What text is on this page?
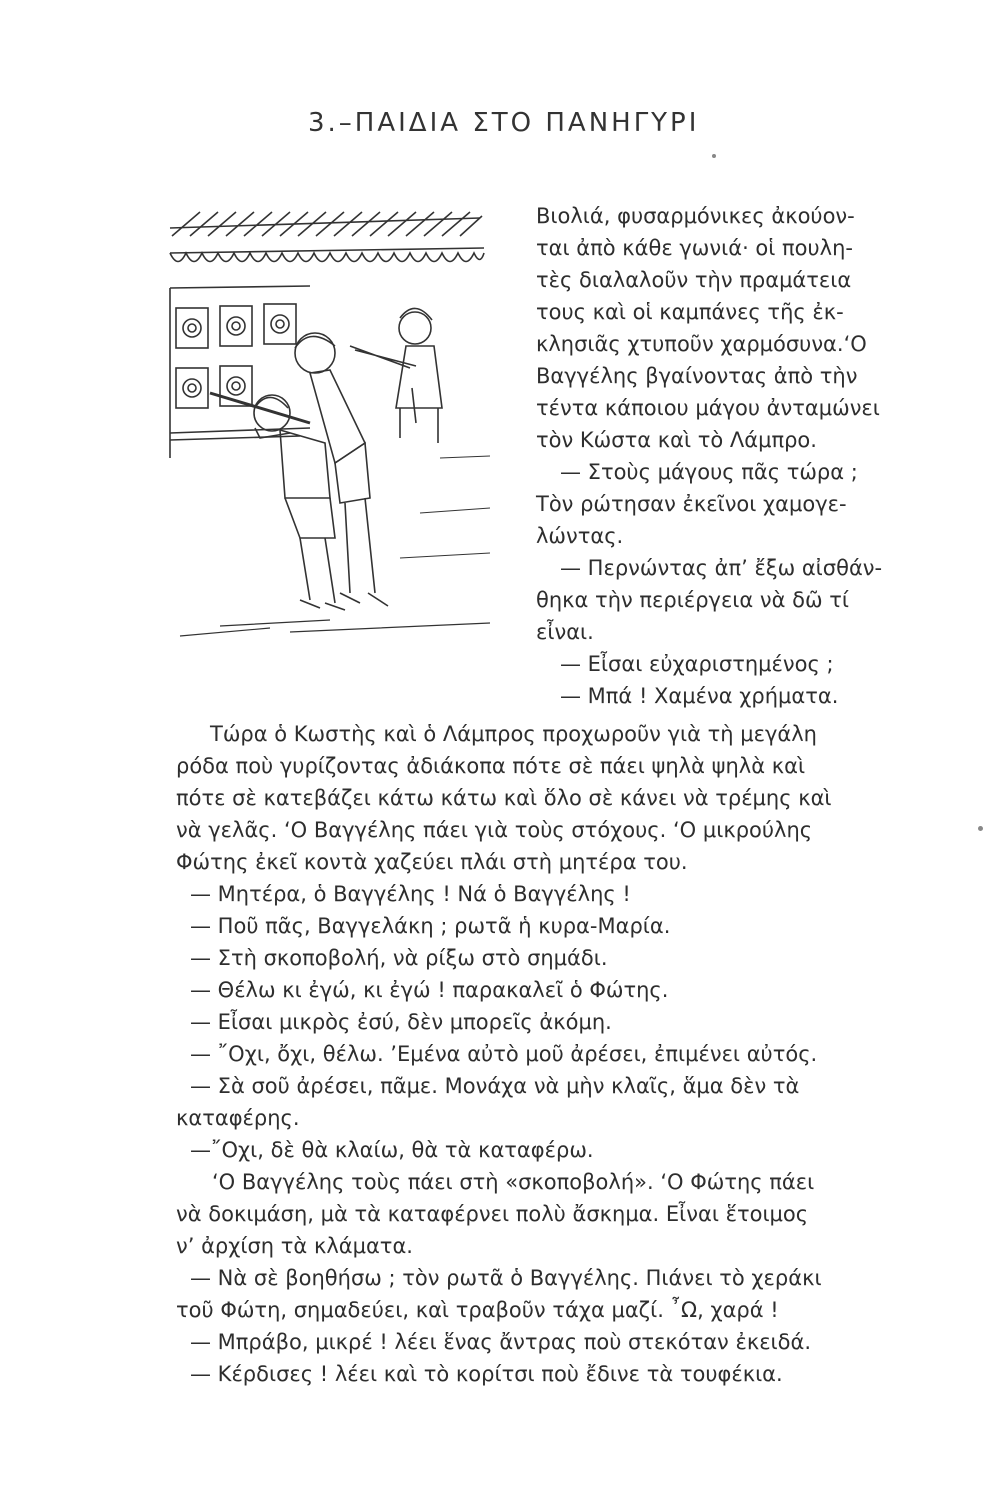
3.–ΠΑΙΔΙΑ ΣΤΟ ΠΑΝΗΓΥΡΙ
Βιολιά, φυσαρμόνικες ἀκούον-
ται ἀπὸ κάθε γωνιά· οἱ πουλη-
τὲς διαλαλοῦν τὴν πραμάτεια
τους καὶ οἱ καμπάνες τῆς ἐκ-
κλησιᾶς χτυποῦν χαρμόσυνα.‘Ο
Βαγγέλης βγαίνοντας ἀπὸ τὴν
τέντα κάποιου μάγου ἀνταμώνει
τὸν Κώστα καὶ τὸ Λάμπρο.
— Στοὺς μάγους πᾶς τώρα ;
Τὸν ρώτησαν ἐκεῖνοι χαμογε-
λώντας.
— Περνώντας ἀπ’ ἔξω αἰσθάν-
θηκα τὴν περιέργεια νὰ δῶ τί
εἶναι.
— Εἶσαι εὐχαριστημένος ;
— Μπά ! Χαμένα χρήματα.
Τώρα ὁ Κωστὴς καὶ ὁ Λάμπρος προχωροῦν γιὰ τὴ μεγάλη
ρόδα ποὺ γυρίζοντας ἀδιάκοπα πότε σὲ πάει ψηλὰ ψηλὰ καὶ
πότε σὲ κατεβάζει κάτω κάτω καὶ ὅλο σὲ κάνει νὰ τρέμης καὶ
νὰ γελᾶς. ‘Ο Βαγγέλης πάει γιὰ τοὺς στόχους. ‘Ο μικρούλης
Φώτης ἐκεῖ κοντὰ χαζεύει πλάι στὴ μητέρα του.
— Μητέρα, ὁ Βαγγέλης ! Νά ὁ Βαγγέλης !
— Ποῦ πᾶς, Βαγγελάκη ; ρωτᾶ ἡ κυρα-Μαρία.
— Στὴ σκοποβολή, νὰ ρίξω στὸ σημάδι.
— Θέλω κι ἐγώ, κι ἐγώ ! παρακαλεῖ ὁ Φώτης.
— Εἶσαι μικρὸς ἐσύ, δὲν μπορεῖς ἀκόμη.
— ῎Οχι, ὄχι, θέλω. ’Εμένα αὐτὸ μοῦ ἀρέσει, ἐπιμένει αὐτός.
— Σὰ σοῦ ἀρέσει, πᾶμε. Μονάχα νὰ μὴν κλαῖς, ἅμα δὲν τὰ
καταφέρης.
—῎Οχι, δὲ θὰ κλαίω, θὰ τὰ καταφέρω.
‘Ο Βαγγέλης τοὺς πάει στὴ «σκοποβολή». ‘Ο Φώτης πάει
νὰ δοκιμάση, μὰ τὰ καταφέρνει πολὺ ἄσκημα. Εἶναι ἕτοιμος
ν’ ἀρχίση τὰ κλάματα.
— Νὰ σὲ βοηθήσω ; τὸν ρωτᾶ ὁ Βαγγέλης. Πιάνει τὸ χεράκι
τοῦ Φώτη, σημαδεύει, καὶ τραβοῦν τάχα μαζί. ῏Ω, χαρά !
— Μπράβο, μικρέ ! λέει ἕνας ἄντρας ποὺ στεκόταν ἐκειδά.
— Κέρδισες ! λέει καὶ τὸ κορίτσι ποὺ ἔδινε τὰ τουφέκια.
